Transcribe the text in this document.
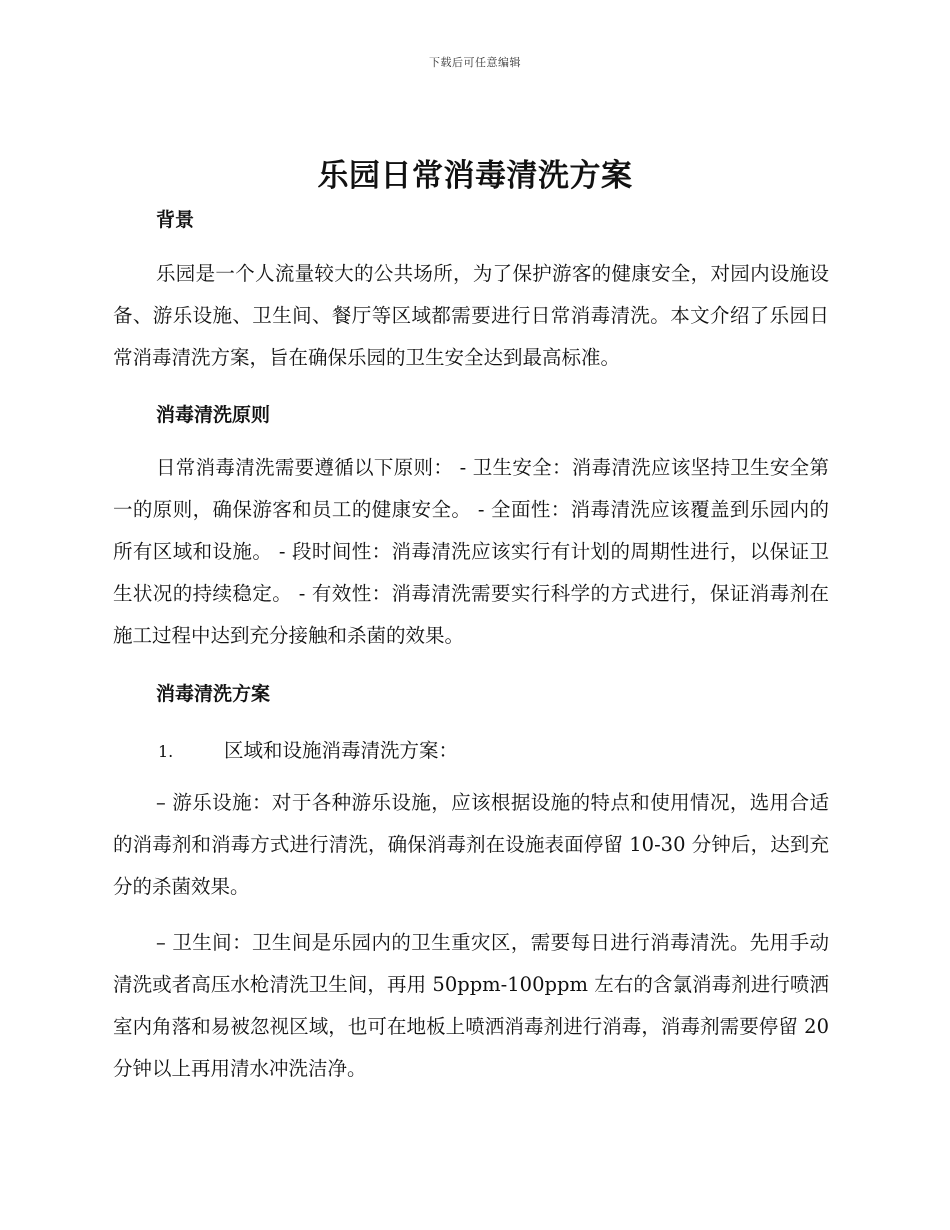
下载后可任意编辑
乐园日常消毒清洗方案
背景

乐园是一个人流量较大的公共场所，为了保护游客的健康安全，对园内设施设备、游乐设施、卫生间、餐厅等区域都需要进行日常消毒清洗。本文介绍了乐园日常消毒清洗方案，旨在确保乐园的卫生安全达到最高标准。

消毒清洗原则

日常消毒清洗需要遵循以下原则： - 卫生安全：消毒清洗应该坚持卫生安全第一的原则，确保游客和员工的健康安全。 - 全面性：消毒清洗应该覆盖到乐园内的所有区域和设施。 - 段时间性：消毒清洗应该实行有计划的周期性进行，以保证卫生状况的持续稳定。 - 有效性：消毒清洗需要实行科学的方式进行，保证消毒剂在施工过程中达到充分接触和杀菌的效果。

消毒清洗方案
1.	区域和设施消毒清洗方案：

– 游乐设施：对于各种游乐设施，应该根据设施的特点和使用情况，选用合适的消毒剂和消毒方式进行清洗，确保消毒剂在设施表面停留 10-30 分钟后，达到充分的杀菌效果。

– 卫生间：卫生间是乐园内的卫生重灾区，需要每日进行消毒清洗。先用手动清洗或者高压水枪清洗卫生间，再用 50ppm-100ppm 左右的含氯消毒剂进行喷洒室内角落和易被忽视区域，也可在地板上喷洒消毒剂进行消毒，消毒剂需要停留 20 分钟以上再用清水冲洗洁净。
